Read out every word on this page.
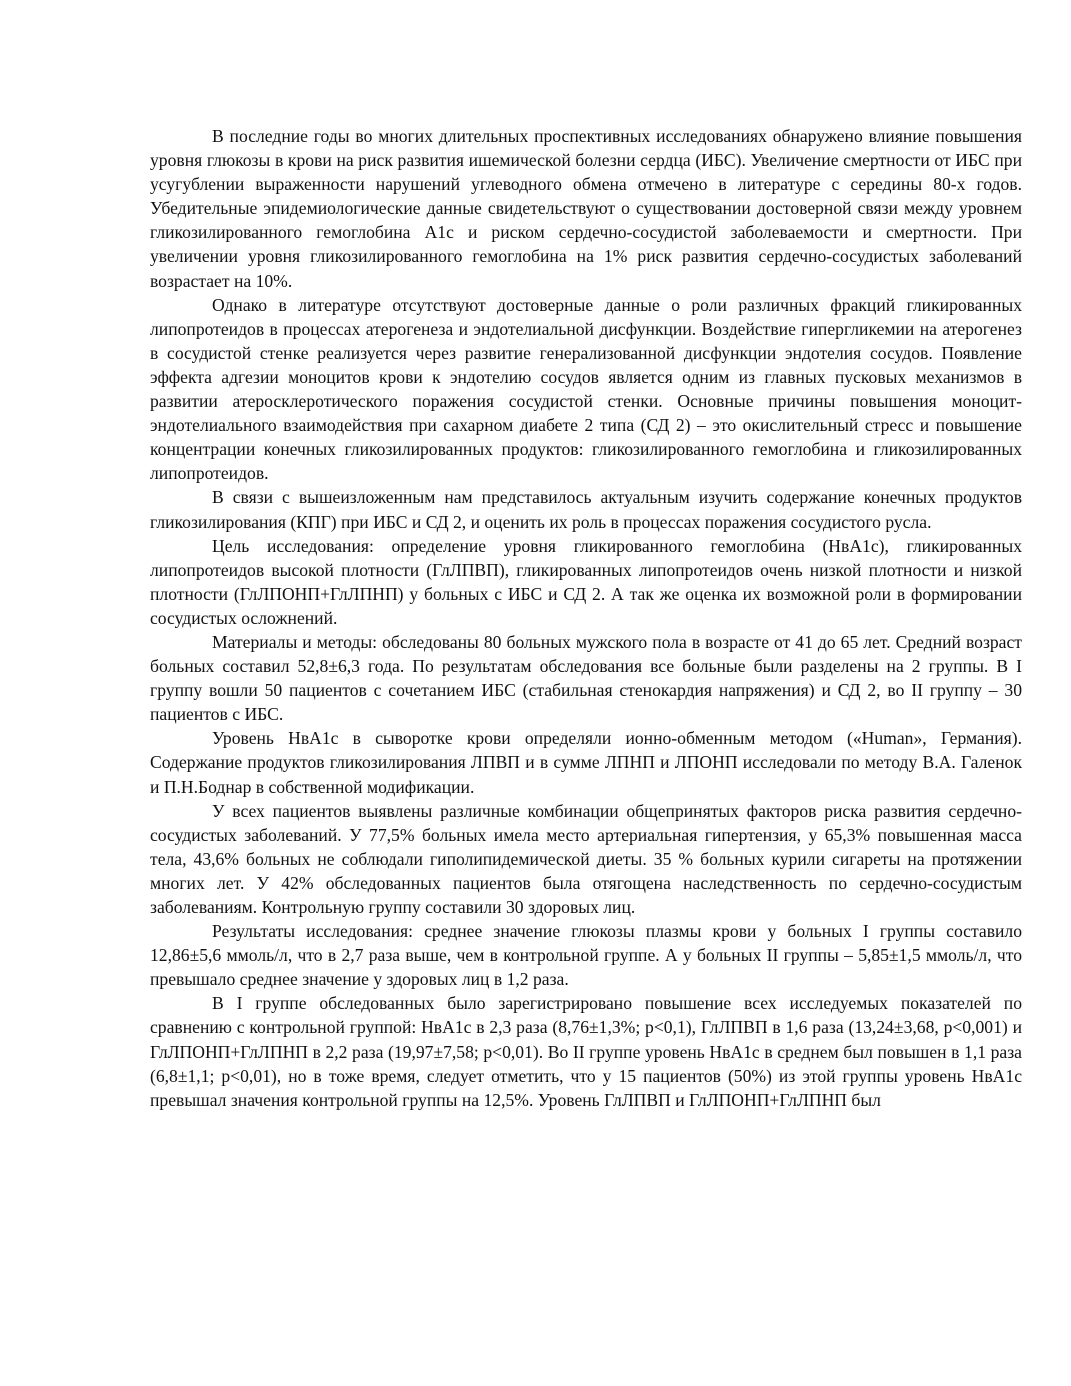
В последние годы во многих длительных проспективных исследованиях обнаружено влияние повышения уровня глюкозы в крови на риск развития ишемической болезни сердца (ИБС). Увеличение смертности от ИБС при усугублении выраженности нарушений углеводного обмена отмечено в литературе с середины 80-х годов. Убедительные эпидемиологические данные свидетельствуют о существовании достоверной связи между уровнем гликозилированного гемоглобина А1с и риском сердечно-сосудистой заболеваемости и смертности. При увеличении уровня гликозилированного гемоглобина на 1% риск развития сердечно-сосудистых заболеваний возрастает на 10%.

Однако в литературе отсутствуют достоверные данные о роли различных фракций гликированных липопротеидов в процессах атерогенеза и эндотелиальной дисфункции. Воздействие гипергликемии на атерогенез в сосудистой стенке реализуется через развитие генерализованной дисфункции эндотелия сосудов. Появление эффекта адгезии моноцитов крови к эндотелию сосудов является одним из главных пусковых механизмов в развитии атеросклеротического поражения сосудистой стенки. Основные причины повышения моноцит-эндотелиального взаимодействия при сахарном диабете 2 типа (СД 2) – это окислительный стресс и повышение концентрации конечных гликозилированных продуктов: гликозилированного гемоглобина и гликозилированных липопротеидов.

В связи с вышеизложенным нам представилось актуальным изучить содержание конечных продуктов гликозилирования (КПГ) при ИБС и СД 2, и оценить их роль в процессах поражения сосудистого русла.

Цель исследования: определение уровня гликированного гемоглобина (НвА1с), гликированных липопротеидов высокой плотности (ГлЛПВП), гликированных липопротеидов очень низкой плотности и низкой плотности (ГлЛПОНП+ГлЛПНП) у больных с ИБС и СД 2. А так же оценка их возможной роли в формировании сосудистых осложнений.

Материалы и методы: обследованы 80 больных мужского пола в возрасте от 41 до 65 лет. Средний возраст больных составил 52,8±6,3 года. По результатам обследования все больные были разделены на 2 группы. В I группу вошли 50 пациентов с сочетанием ИБС (стабильная стенокардия напряжения) и СД 2, во II группу – 30 пациентов с ИБС.

Уровень НвА1с в сыворотке крови определяли ионно-обменным методом («Human», Германия). Содержание продуктов гликозилирования ЛПВП и в сумме ЛПНП и ЛПОНП исследовали по методу В.А. Галенок и П.Н.Боднар в собственной модификации.

У всех пациентов выявлены различные комбинации общепринятых факторов риска развития сердечно-сосудистых заболеваний. У 77,5% больных имела место артериальная гипертензия, у 65,3% повышенная масса тела, 43,6% больных не соблюдали гиполипидемической диеты. 35 % больных курили сигареты на протяжении многих лет. У 42% обследованных пациентов была отягощена наследственность по сердечно-сосудистым заболеваниям. Контрольную группу составили 30 здоровых лиц.

Результаты исследования: среднее значение глюкозы плазмы крови у больных I группы составило 12,86±5,6 ммоль/л, что в 2,7 раза выше, чем в контрольной группе. А у больных II группы – 5,85±1,5 ммоль/л, что превышало среднее значение у здоровых лиц в 1,2 раза.

В I группе обследованных было зарегистрировано повышение всех исследуемых показателей по сравнению с контрольной группой: НвА1с в 2,3 раза (8,76±1,3%; p<0,1), ГлЛПВП в 1,6 раза (13,24±3,68, p<0,001) и ГлЛПОНП+ГлЛПНП в 2,2 раза (19,97±7,58; p<0,01). Во II группе уровень НвА1с в среднем был повышен в 1,1 раза (6,8±1,1; p<0,01), но в тоже время, следует отметить, что у 15 пациентов (50%) из этой группы уровень НвА1с превышал значения контрольной группы на 12,5%. Уровень ГлЛПВП и ГлЛПОНП+ГлЛПНП был
